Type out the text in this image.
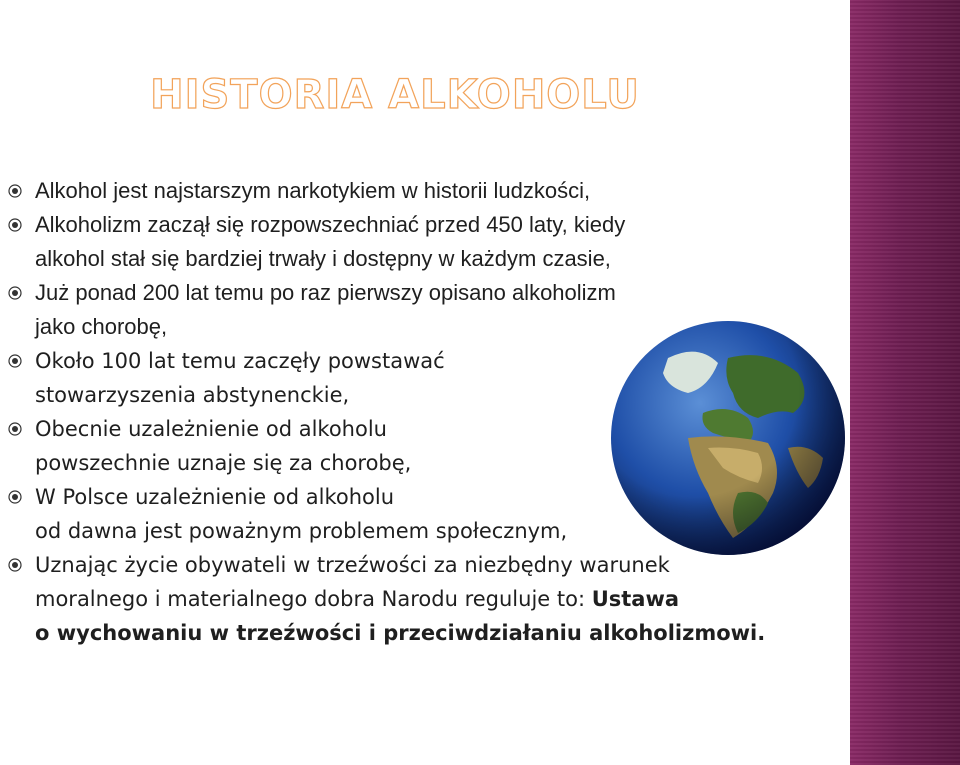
HISTORIA ALKOHOLU
Alkohol jest najstarszym narkotykiem w historii ludzkości,
Alkoholizm zaczął się rozpowszechniać przed 450 laty, kiedy
alkohol stał się bardziej trwały i dostępny w każdym czasie,
Już ponad 200 lat temu po raz pierwszy opisano alkoholizm
jako chorobę,
Około 100 lat temu zaczęły powstawać
stowarzyszenia abstynenckie,
Obecnie uzależnienie od alkoholu
powszechnie uznaje się za chorobę,
W Polsce uzależnienie od alkoholu
od dawna jest poważnym problemem społecznym,
Uznając życie obywateli w trzeźwości za niezbędny warunek
moralnego i materialnego dobra Narodu reguluje to: Ustawa
o wychowaniu w trzeźwości i przeciwdziałaniu alkoholizmowi.
